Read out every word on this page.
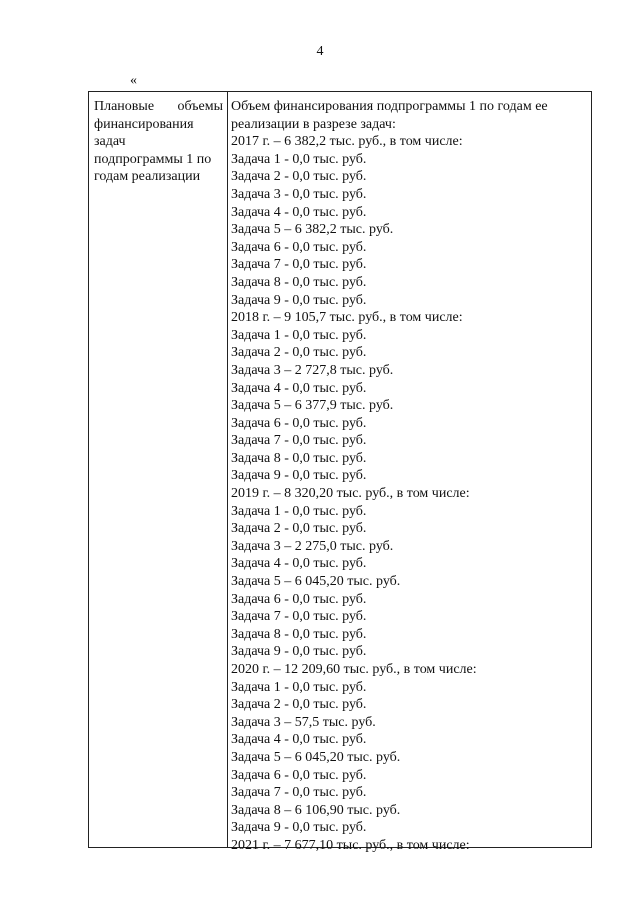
4
«
Плановые объемы
финансирования
задач
подпрограммы 1 по
годам реализации
Объем финансирования подпрограммы 1 по годам ее
реализации в разрезе задач:
2017 г. – 6 382,2 тыс. руб., в том числе:
Задача 1 - 0,0 тыс. руб.
Задача 2 - 0,0 тыс. руб.
Задача 3 - 0,0 тыс. руб.
Задача 4 - 0,0 тыс. руб.
Задача 5 – 6 382,2 тыс. руб.
Задача 6 - 0,0 тыс. руб.
Задача 7 - 0,0 тыс. руб.
Задача 8 - 0,0 тыс. руб.
Задача 9 - 0,0 тыс. руб.
2018 г. – 9 105,7 тыс. руб., в том числе:
Задача 1 - 0,0 тыс. руб.
Задача 2 - 0,0 тыс. руб.
Задача 3 – 2 727,8 тыс. руб.
Задача 4 - 0,0 тыс. руб.
Задача 5 – 6 377,9 тыс. руб.
Задача 6 - 0,0 тыс. руб.
Задача 7 - 0,0 тыс. руб.
Задача 8 - 0,0 тыс. руб.
Задача 9 - 0,0 тыс. руб.
2019 г. – 8 320,20 тыс. руб., в том числе:
Задача 1 - 0,0 тыс. руб.
Задача 2 - 0,0 тыс. руб.
Задача 3 – 2 275,0 тыс. руб.
Задача 4 - 0,0 тыс. руб.
Задача 5 – 6 045,20 тыс. руб.
Задача 6 - 0,0 тыс. руб.
Задача 7 - 0,0 тыс. руб.
Задача 8 - 0,0 тыс. руб.
Задача 9 - 0,0 тыс. руб.
2020 г. – 12 209,60 тыс. руб., в том числе:
Задача 1 - 0,0 тыс. руб.
Задача 2 - 0,0 тыс. руб.
Задача 3 – 57,5 тыс. руб.
Задача 4 - 0,0 тыс. руб.
Задача 5 – 6 045,20 тыс. руб.
Задача 6 - 0,0 тыс. руб.
Задача 7 - 0,0 тыс. руб.
Задача 8 – 6 106,90 тыс. руб.
Задача 9 - 0,0 тыс. руб.
2021 г. – 7 677,10 тыс. руб., в том числе:
